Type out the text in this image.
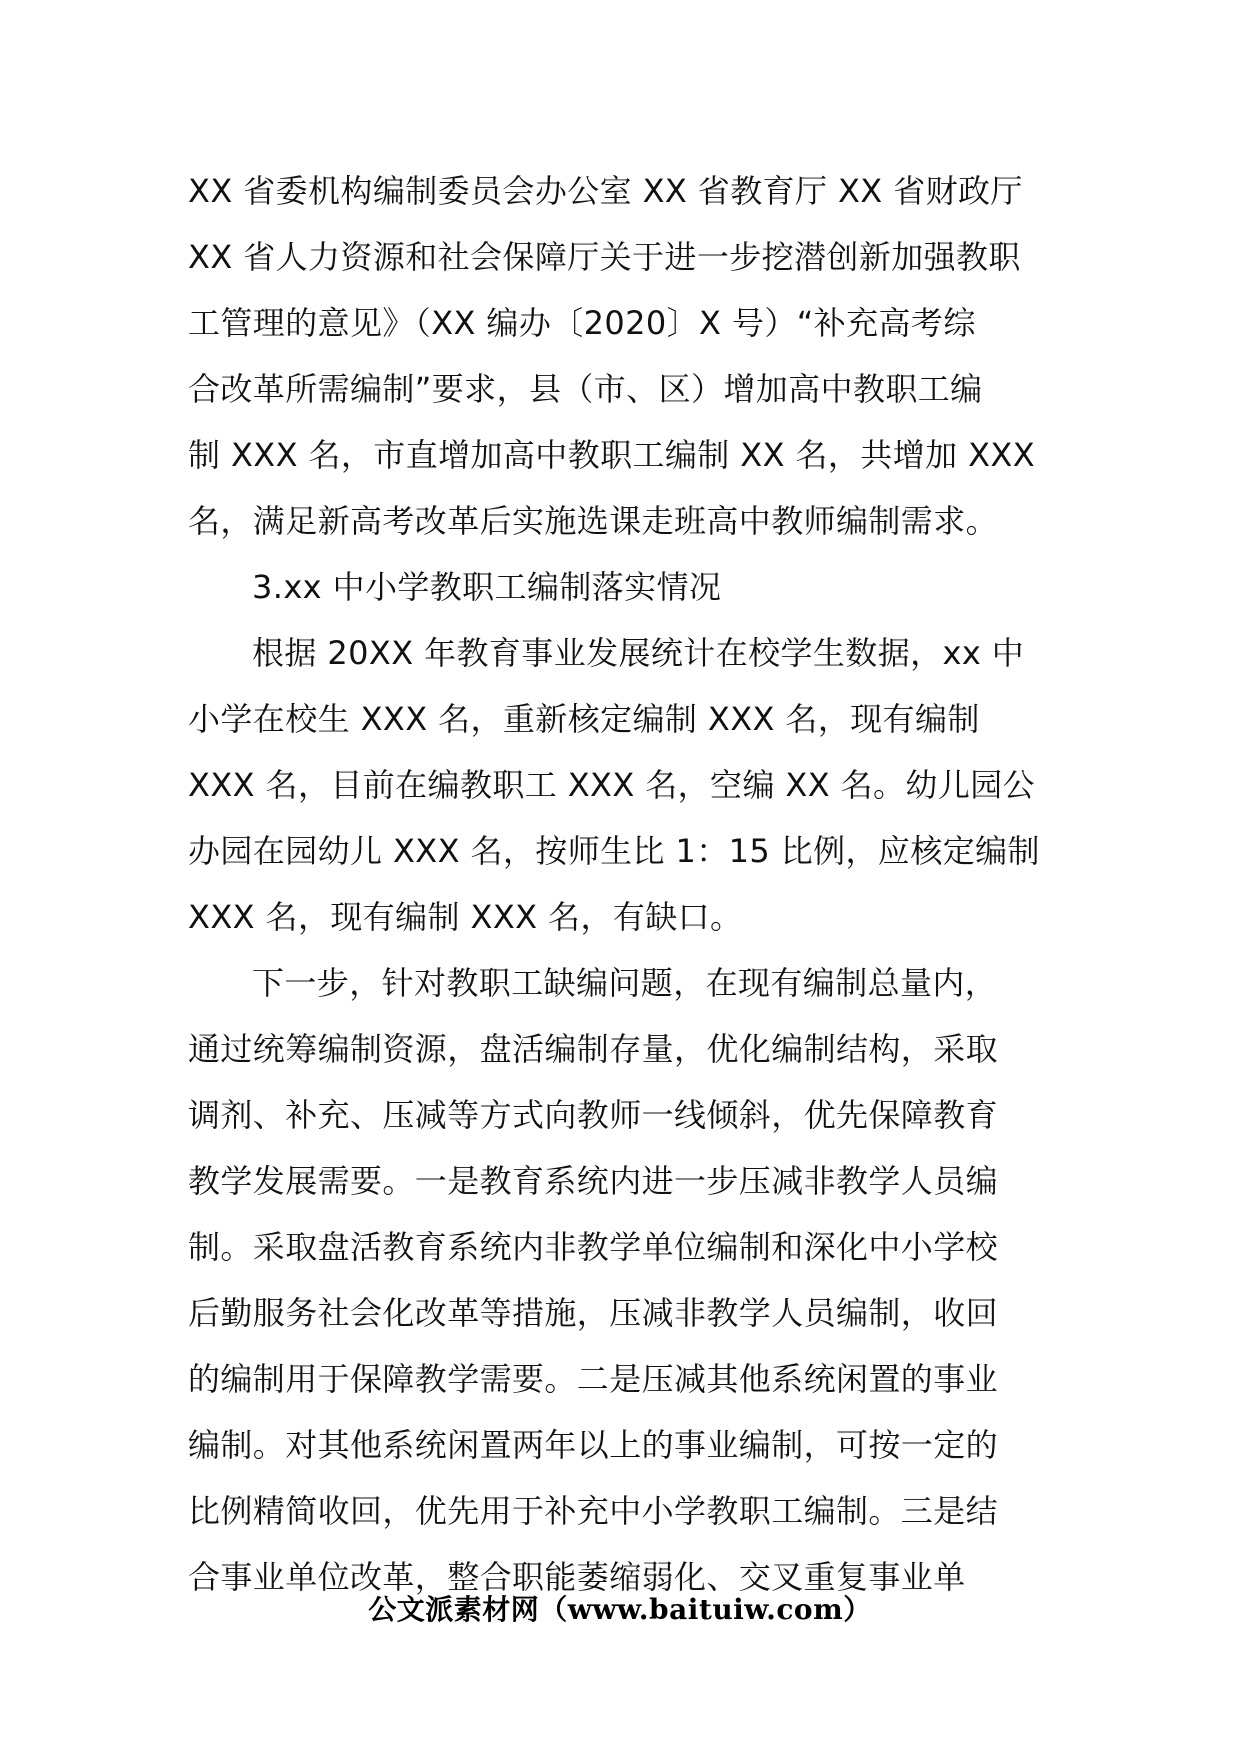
XX 省委机构编制委员会办公室 XX 省教育厅 XX 省财政厅
XX 省人力资源和社会保障厅关于进一步挖潜创新加强教职
工管理的意见》（XX 编办〔2020〕X 号）“补充高考综
合改革所需编制”要求，县（市、区）增加高中教职工编
制 XXX 名，市直增加高中教职工编制 XX 名，共增加 XXX
名，满足新高考改革后实施选课走班高中教师编制需求。
3.xx 中小学教职工编制落实情况
根据 20XX 年教育事业发展统计在校学生数据，xx 中
小学在校生 XXX 名，重新核定编制 XXX 名，现有编制
XXX 名，目前在编教职工 XXX 名，空编 XX 名。幼儿园公
办园在园幼儿 XXX 名，按师生比 1：15 比例，应核定编制
XXX 名，现有编制 XXX 名，有缺口。
下一步，针对教职工缺编问题，在现有编制总量内，
通过统筹编制资源，盘活编制存量，优化编制结构，采取
调剂、补充、压减等方式向教师一线倾斜，优先保障教育
教学发展需要。一是教育系统内进一步压减非教学人员编
制。采取盘活教育系统内非教学单位编制和深化中小学校
后勤服务社会化改革等措施，压减非教学人员编制，收回
的编制用于保障教学需要。二是压减其他系统闲置的事业
编制。对其他系统闲置两年以上的事业编制，可按一定的
比例精简收回，优先用于补充中小学教职工编制。三是结
合事业单位改革，整合职能萎缩弱化、交叉重复事业单
公文派素材网（www.baituiw.com）
